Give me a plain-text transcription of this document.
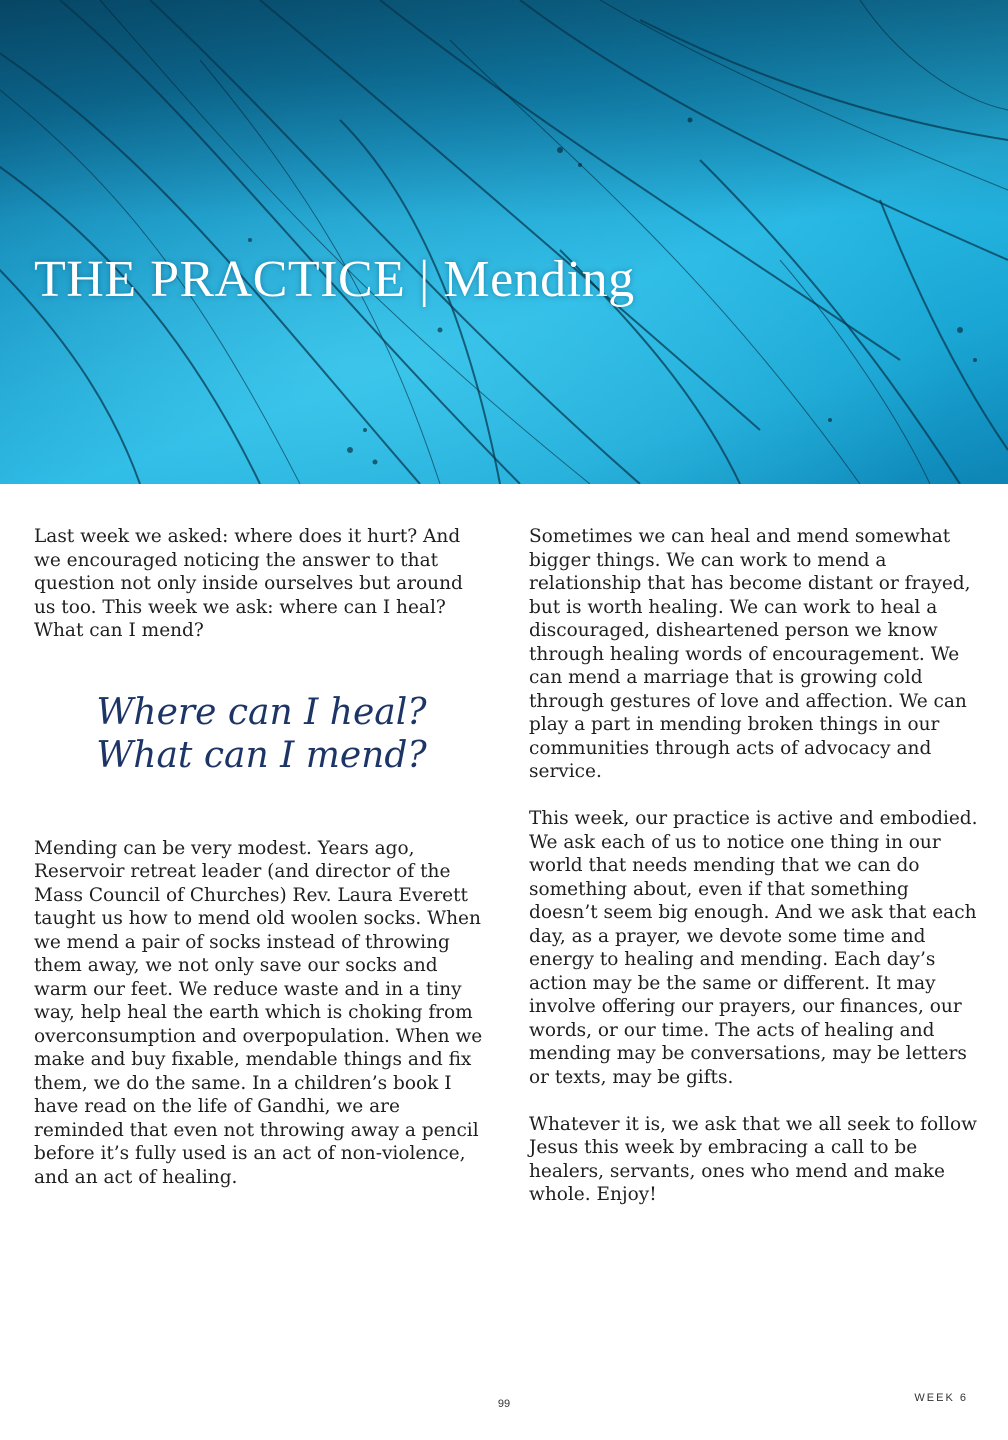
THE PRACTICE | Mending

Last week we asked: where does it hurt? And we encouraged noticing the answer to that question not only inside ourselves but around us too. This week we ask: where can I heal? What can I mend?

Where can I heal?
What can I mend?

Mending can be very modest. Years ago, Reservoir retreat leader (and director of the Mass Council of Churches) Rev. Laura Everett taught us how to mend old woolen socks. When we mend a pair of socks instead of throwing them away, we not only save our socks and warm our feet. We reduce waste and in a tiny way, help heal the earth which is choking from overconsumption and overpopulation. When we make and buy fixable, mendable things and fix them, we do the same. In a children’s book I have read on the life of Gandhi, we are reminded that even not throwing away a pencil before it’s fully used is an act of non-violence, and an act of healing.

Sometimes we can heal and mend somewhat bigger things. We can work to mend a relationship that has become distant or frayed, but is worth healing. We can work to heal a discouraged, disheartened person we know through healing words of encouragement. We can mend a marriage that is growing cold through gestures of love and affection. We can play a part in mending broken things in our communities through acts of advocacy and service.

This week, our practice is active and embodied. We ask each of us to notice one thing in our world that needs mending that we can do something about, even if that something doesn’t seem big enough. And we ask that each day, as a prayer, we devote some time and energy to healing and mending. Each day’s action may be the same or different. It may involve offering our prayers, our finances, our words, or our time. The acts of healing and mending may be conversations, may be letters or texts, may be gifts.

Whatever it is, we ask that we all seek to follow Jesus this week by embracing a call to be healers, servants, ones who mend and make whole. Enjoy!

99	WEEK 6
